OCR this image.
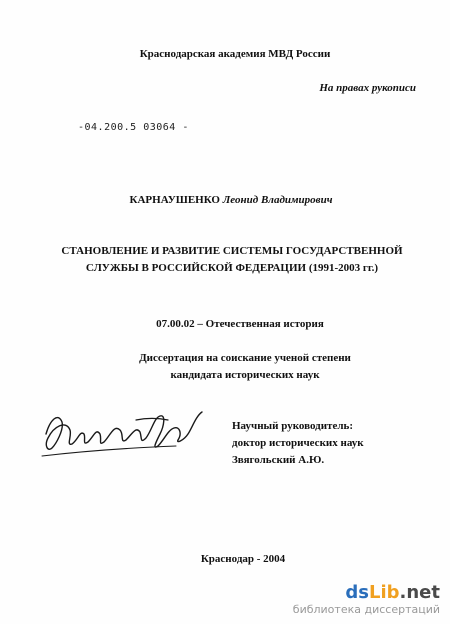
Краснодарская академия МВД России
На правах рукописи
-04.200.5 03064 -
КАРНАУШЕНКО Леонид Владимирович
СТАНОВЛЕНИЕ И РАЗВИТИЕ СИСТЕМЫ ГОСУДАРСТВЕННОЙ
СЛУЖБЫ В РОССИЙСКОЙ ФЕДЕРАЦИИ (1991-2003 гг.)
07.00.02 – Отечественная история
Диссертация на соискание ученой степени
кандидата исторических наук
Научный руководитель:
доктор исторических наук
Звягольский А.Ю.
Краснодар - 2004
dsLib.net
библиотека диссертаций
